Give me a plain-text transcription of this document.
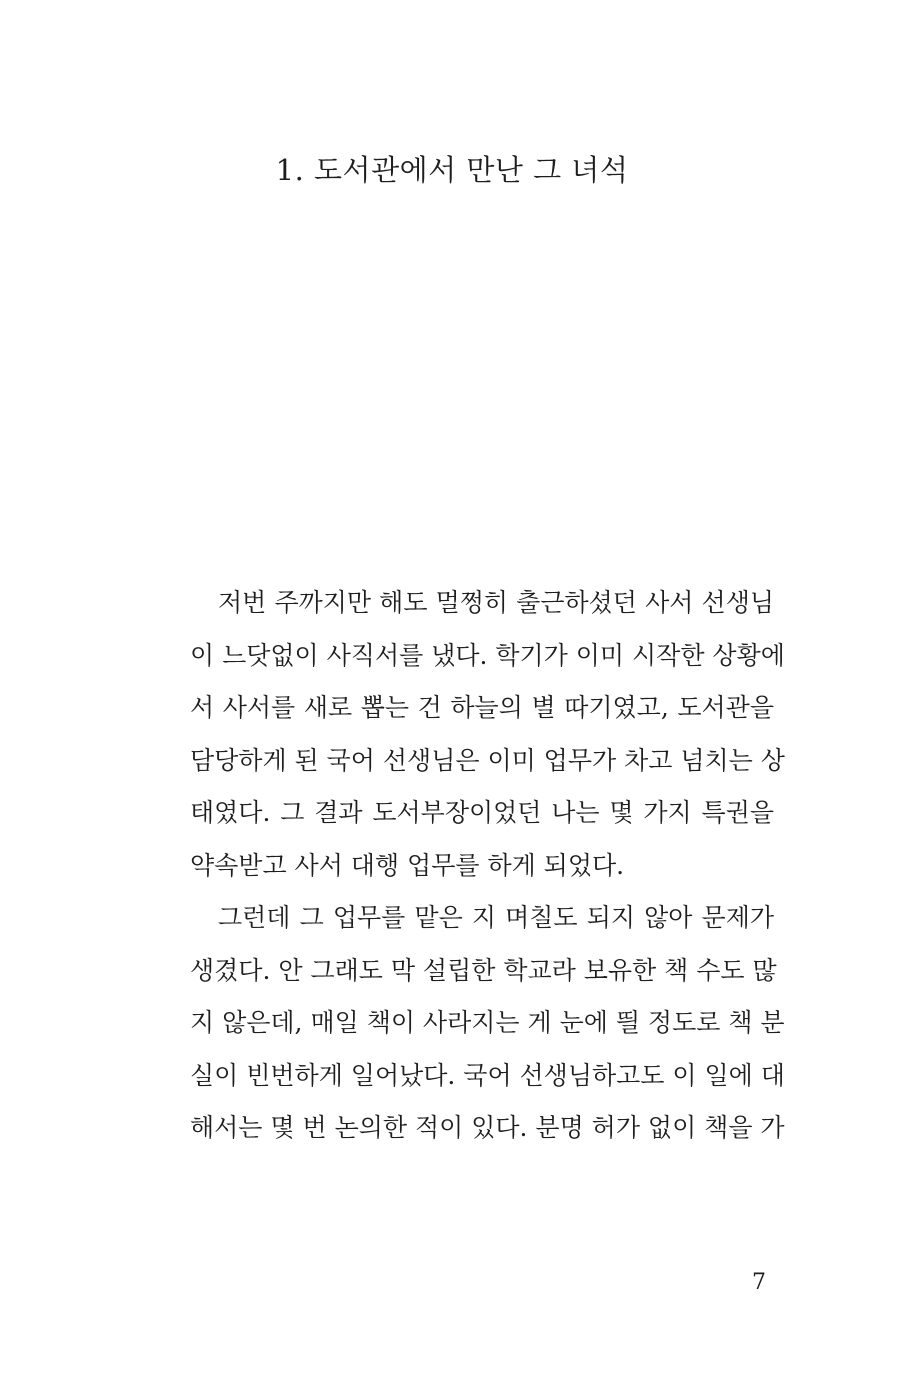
1. 도서관에서 만난 그 녀석
저번 주까지만 해도 멀쩡히 출근하셨던 사서 선생님
이 느닷없이 사직서를 냈다. 학기가 이미 시작한 상황에
서 사서를 새로 뽑는 건 하늘의 별 따기였고, 도서관을
담당하게 된 국어 선생님은 이미 업무가 차고 넘치는 상
태였다. 그 결과 도서부장이었던 나는 몇 가지 특권을
약속받고 사서 대행 업무를 하게 되었다.
그런데 그 업무를 맡은 지 며칠도 되지 않아 문제가
생겼다. 안 그래도 막 설립한 학교라 보유한 책 수도 많
지 않은데, 매일 책이 사라지는 게 눈에 띌 정도로 책 분
실이 빈번하게 일어났다. 국어 선생님하고도 이 일에 대
해서는 몇 번 논의한 적이 있다. 분명 허가 없이 책을 가
7
